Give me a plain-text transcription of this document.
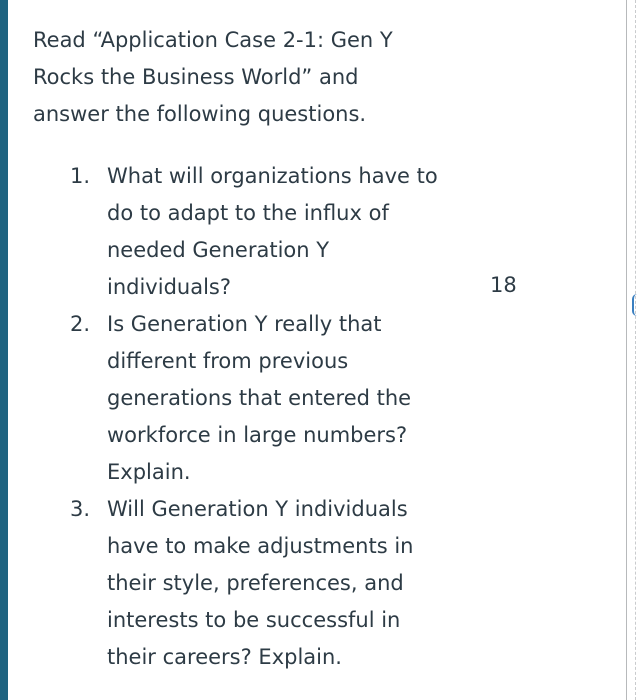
Read “Application Case 2-1: Gen Y Rocks the Business World” and answer the following questions.

1. What will organizations have to do to adapt to the influx of needed Generation Y individuals?
2. Is Generation Y really that different from previous generations that entered the workforce in large numbers? Explain.
3. Will Generation Y individuals have to make adjustments in their style, preferences, and interests to be successful in their careers? Explain.
18
